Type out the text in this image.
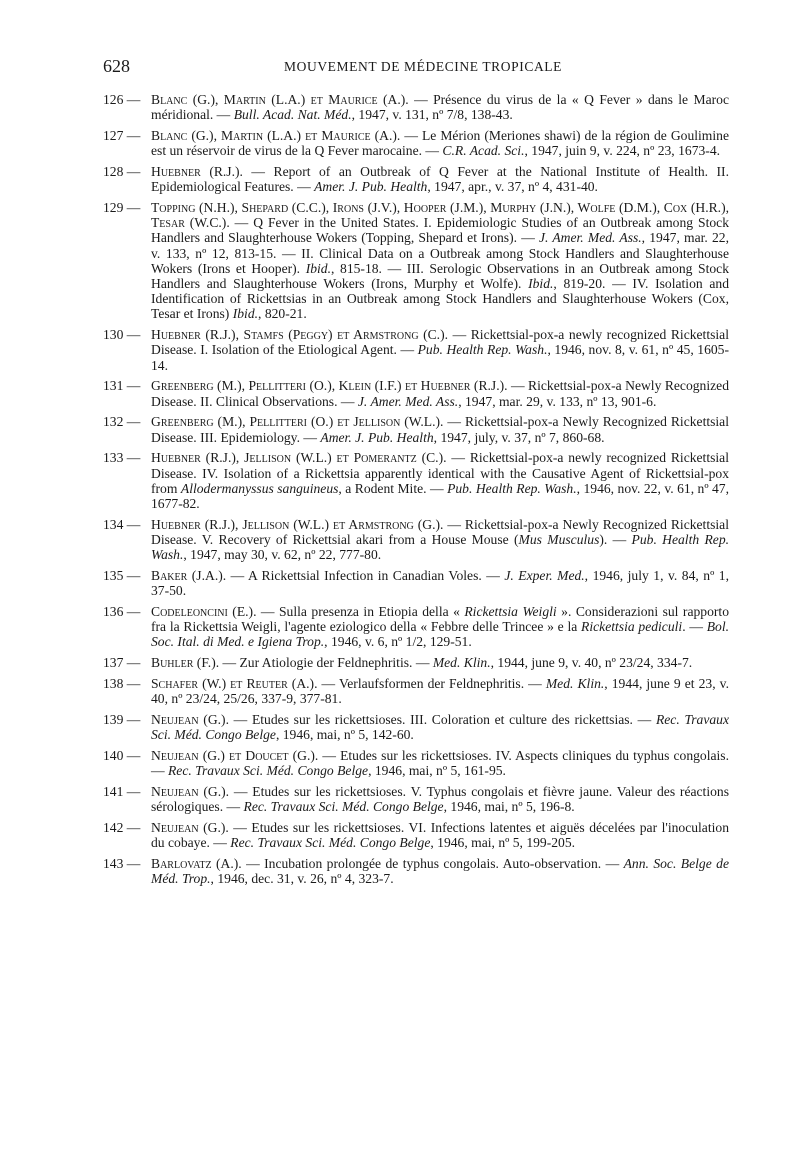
628	MOUVEMENT DE MÉDECINE TROPICALE
126 — Blanc (G.), Martin (L.A.) et Maurice (A.). — Présence du virus de la « Q Fever » dans le Maroc méridional. — Bull. Acad. Nat. Méd., 1947, v. 131, nº 7/8, 138-43.
127 — Blanc (G.), Martin (L.A.) et Maurice (A.). — Le Mérion (Meriones shawi) de la région de Goulimine est un réservoir de virus de la Q Fever marocaine. — C.R. Acad. Sci., 1947, juin 9, v. 224, nº 23, 1673-4.
128 — Huebner (R.J.). — Report of an Outbreak of Q Fever at the National Institute of Health. II. Epidemiological Features. — Amer. J. Pub. Health, 1947, apr., v. 37, nº 4, 431-40.
129 — Topping (N.H.), Shepard (C.C.), Irons (J.V.), Hooper (J.M.), Murphy (J.N.), Wolfe (D.M.), Cox (H.R.), Tesar (W.C.). — Q Fever in the United States. I. Epidemiologic Studies of an Outbreak among Stock Handlers and Slaughterhouse Wokers (Topping, Shepard et Irons). — J. Amer. Med. Ass., 1947, mar. 22, v. 133, nº 12, 813-15. — II. Clinical Data on a Outbreak among Stock Handlers and Slaughterhouse Wokers (Irons et Hooper). Ibid., 815-18. — III. Serologic Observations in an Outbreak among Stock Handlers and Slaughterhouse Wokers (Irons, Murphy et Wolfe). Ibid., 819-20. — IV. Isolation and Identification of Rickettsias in an Outbreak among Stock Handlers and Slaughterhouse Wokers (Cox, Tesar et Irons) Ibid., 820-21.
130 — Huebner (R.J.), Stamfs (Peggy) et Armstrong (C.). — Rickettsial-pox-a newly recognized Rickettsial Disease. I. Isolation of the Etiological Agent. — Pub. Health Rep. Wash., 1946, nov. 8, v. 61, nº 45, 1605-14.
131 — Greenberg (M.), Pellitteri (O.), Klein (I.F.) et Huebner (R.J.). — Rickettsial-pox-a Newly Recognized Disease. II. Clinical Observations. — J. Amer. Med. Ass., 1947, mar. 29, v. 133, nº 13, 901-6.
132 — Greenberg (M.), Pellitteri (O.) et Jellison (W.L.). — Rickettsial-pox-a Newly Recognized Rickettsial Disease. III. Epidemiology. — Amer. J. Pub. Health, 1947, july, v. 37, nº 7, 860-68.
133 — Huebner (R.J.), Jellison (W.L.) et Pomerantz (C.). — Rickettsial-pox-a newly recognized Rickettsial Disease. IV. Isolation of a Rickettsia apparently identical with the Causative Agent of Rickettsial-pox from Allodermanyssus sanguineus, a Rodent Mite. — Pub. Health Rep. Wash., 1946, nov. 22, v. 61, nº 47, 1677-82.
134 — Huebner (R.J.), Jellison (W.L.) et Armstrong (G.). — Rickettsial-pox-a Newly Recognized Rickettsial Disease. V. Recovery of Rickettsial akari from a House Mouse (Mus Musculus). — Pub. Health Rep. Wash., 1947, may 30, v. 62, nº 22, 777-80.
135 — Baker (J.A.). — A Rickettsial Infection in Canadian Voles. — J. Exper. Med., 1946, july 1, v. 84, nº 1, 37-50.
136 — Codeleoncini (E.). — Sulla presenza in Etiopia della « Rickettsia Weigli ». Considerazioni sul rapporto fra la Rickettsia Weigli, l'agente eziologico della « Febbre delle Trincee » e la Rickettsia pediculi. — Bol. Soc. Ital. di Med. e Igiena Trop., 1946, v. 6, nº 1/2, 129-51.
137 — Buhler (F.). — Zur Atiologie der Feldnephritis. — Med. Klin., 1944, june 9, v. 40, nº 23/24, 334-7.
138 — Schafer (W.) et Reuter (A.). — Verlaufsformen der Feldnephritis. — Med. Klin., 1944, june 9 et 23, v. 40, nº 23/24, 25/26, 337-9, 377-81.
139 — Neujean (G.). — Etudes sur les rickettsioses. III. Coloration et culture des rickettsias. — Rec. Travaux Sci. Méd. Congo Belge, 1946, mai, nº 5, 142-60.
140 — Neujean (G.) et Doucet (G.). — Etudes sur les rickettsioses. IV. Aspects cliniques du typhus congolais. — Rec. Travaux Sci. Méd. Congo Belge, 1946, mai, nº 5, 161-95.
141 — Neujean (G.). — Etudes sur les rickettsioses. V. Typhus congolais et fièvre jaune. Valeur des réactions sérologiques. — Rec. Travaux Sci. Méd. Congo Belge, 1946, mai, nº 5, 196-8.
142 — Neujean (G.). — Etudes sur les rickettsioses. VI. Infections latentes et aiguës décelées par l'inoculation du cobaye. — Rec. Travaux Sci. Méd. Congo Belge, 1946, mai, nº 5, 199-205.
143 — Barlovatz (A.). — Incubation prolongée de typhus congolais. Auto-observation. — Ann. Soc. Belge de Méd. Trop., 1946, dec. 31, v. 26, nº 4, 323-7.
